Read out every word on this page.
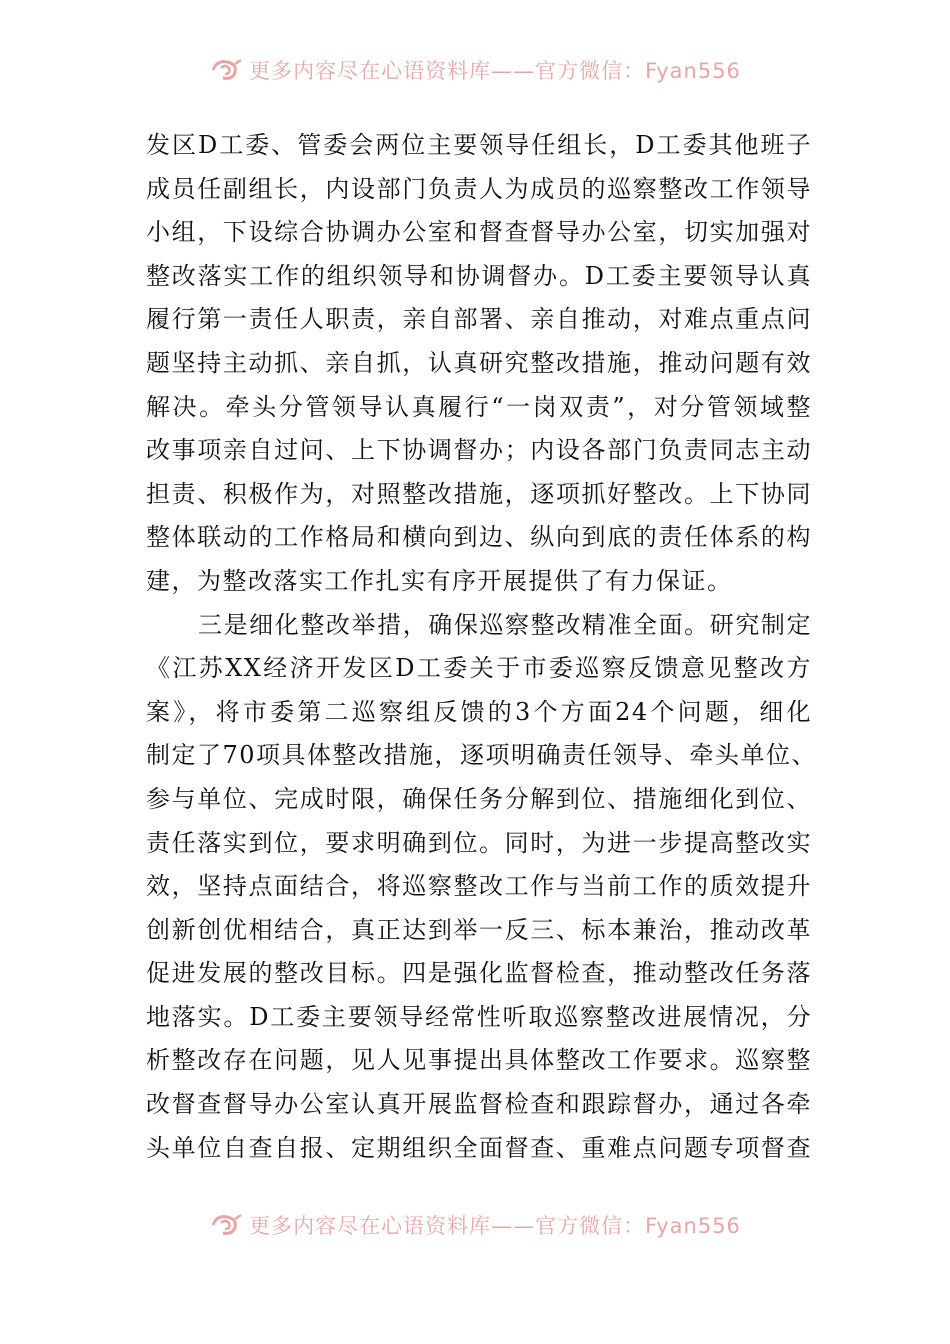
更多内容尽在心语资料库——官方微信：Fyan556
发区D工委、管委会两位主要领导任组长，D工委其他班子
成员任副组长，内设部门负责人为成员的巡察整改工作领导
小组，下设综合协调办公室和督查督导办公室，切实加强对
整改落实工作的组织领导和协调督办。D工委主要领导认真
履行第一责任人职责，亲自部署、亲自推动，对难点重点问
题坚持主动抓、亲自抓，认真研究整改措施，推动问题有效
解决。牵头分管领导认真履行“一岗双责”，对分管领域整
改事项亲自过问、上下协调督办；内设各部门负责同志主动
担责、积极作为，对照整改措施，逐项抓好整改。上下协同
整体联动的工作格局和横向到边、纵向到底的责任体系的构
建，为整改落实工作扎实有序开展提供了有力保证。
三是细化整改举措，确保巡察整改精准全面。研究制定
《江苏XX经济开发区D工委关于市委巡察反馈意见整改方
案》，将市委第二巡察组反馈的3个方面24个问题，细化
制定了70项具体整改措施，逐项明确责任领导、牵头单位、
参与单位、完成时限，确保任务分解到位、措施细化到位、
责任落实到位，要求明确到位。同时，为进一步提高整改实
效，坚持点面结合，将巡察整改工作与当前工作的质效提升
创新创优相结合，真正达到举一反三、标本兼治，推动改革
促进发展的整改目标。四是强化监督检查，推动整改任务落
地落实。D工委主要领导经常性听取巡察整改进展情况，分
析整改存在问题，见人见事提出具体整改工作要求。巡察整
改督查督导办公室认真开展监督检查和跟踪督办，通过各牵
头单位自查自报、定期组织全面督查、重难点问题专项督查
更多内容尽在心语资料库——官方微信：Fyan556
